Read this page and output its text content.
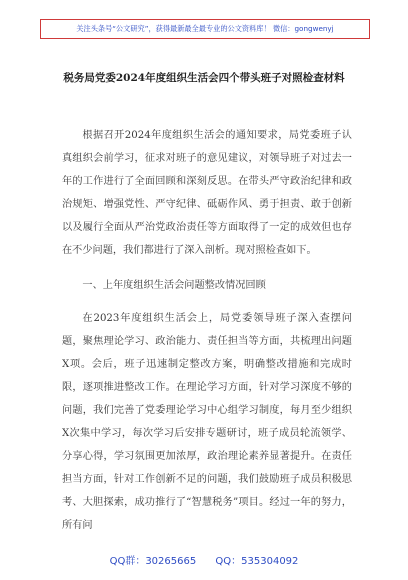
关注头条号“公文研究”，获得最新最全最专业的公文资料库！ 微信：gongwenyj
税务局党委2024年度组织生活会四个带头班子对照检查材料

根据召开2024年度组织生活会的通知要求，局党委班子认真组织会前学习，征求对班子的意见建议，对领导班子对过去一年的工作进行了全面回顾和深刻反思。在带头严守政治纪律和政治规矩、增强党性、严守纪律、砥砺作风、勇于担责、敢于创新以及履行全面从严治党政治责任等方面取得了一定的成效但也存在不少问题，我们都进行了深入剖析。现对照检查如下。

一、上年度组织生活会问题整改情况回顾

在2023年度组织生活会上，局党委领导班子深入查摆问题，聚焦理论学习、政治能力、责任担当等方面，共梳理出问题X项。会后，班子迅速制定整改方案，明确整改措施和完成时限，逐项推进整改工作。在理论学习方面，针对学习深度不够的问题，我们完善了党委理论学习中心组学习制度，每月至少组织X次集中学习，每次学习后安排专题研讨，班子成员轮流领学、分享心得，学习氛围更加浓厚，政治理论素养显著提升。在责任担当方面，针对工作创新不足的问题，我们鼓励班子成员积极思考、大胆探索，成功推行了“智慧税务”项目。经过一年的努力，所有问

QQ群：30265665 QQ：535304092
